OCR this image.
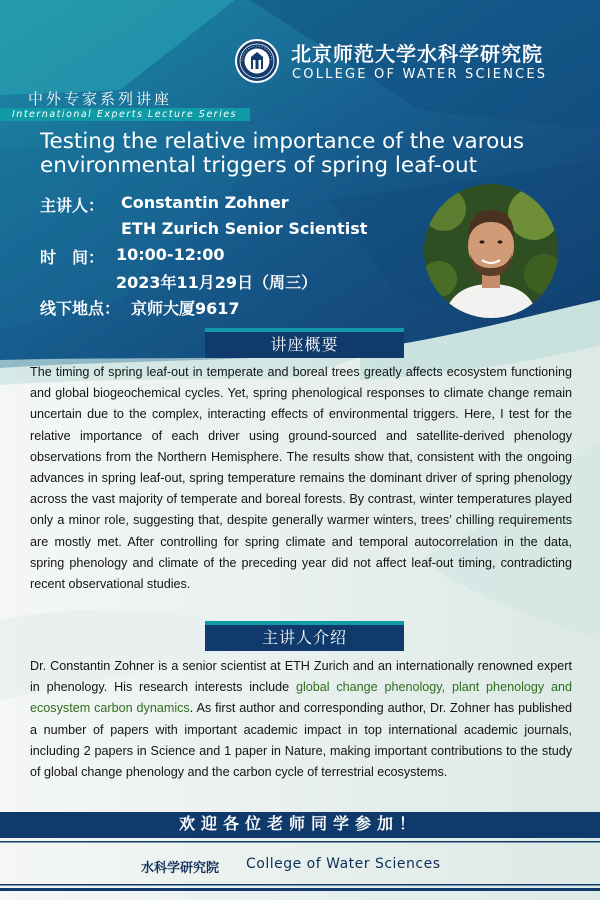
北京师范大学水科学研究院
COLLEGE OF WATER SCIENCES
中外专家系列讲座
International Experts Lecture Series
Testing the relative importance of the varous environmental triggers of spring leaf-out
主讲人： Constantin Zohner
ETH Zurich Senior Scientist
时　间： 10:00-12:00
2023年11月29日（周三）
线下地点： 京师大厦9617
讲座概要
The timing of spring leaf-out in temperate and boreal trees greatly affects ecosystem functioning and global biogeochemical cycles. Yet, spring phenological responses to climate change remain uncertain due to the complex, interacting effects of environmental triggers. Here, I test for the relative importance of each driver using ground-sourced and satellite-derived phenology observations from the Northern Hemisphere. The results show that, consistent with the ongoing advances in spring leaf-out, spring temperature remains the dominant driver of spring phenology across the vast majority of temperate and boreal forests. By contrast, winter temperatures played only a minor role, suggesting that, despite generally warmer winters, trees’ chilling requirements are mostly met. After controlling for spring climate and temporal autocorrelation in the data, spring phenology and climate of the preceding year did not affect leaf-out timing, contradicting recent observational studies.
主讲人介绍
Dr. Constantin Zohner is a senior scientist at ETH Zurich and an internationally renowned expert in phenology. His research interests include global change phenology, plant phenology and ecosystem carbon dynamics. As first author and corresponding author, Dr. Zohner has published a number of papers with important academic impact in top international academic journals, including 2 papers in Science and 1 paper in Nature, making important contributions to the study of global change phenology and the carbon cycle of terrestrial ecosystems.
欢迎各位老师同学参加！
水科学研究院 College of Water Sciences
